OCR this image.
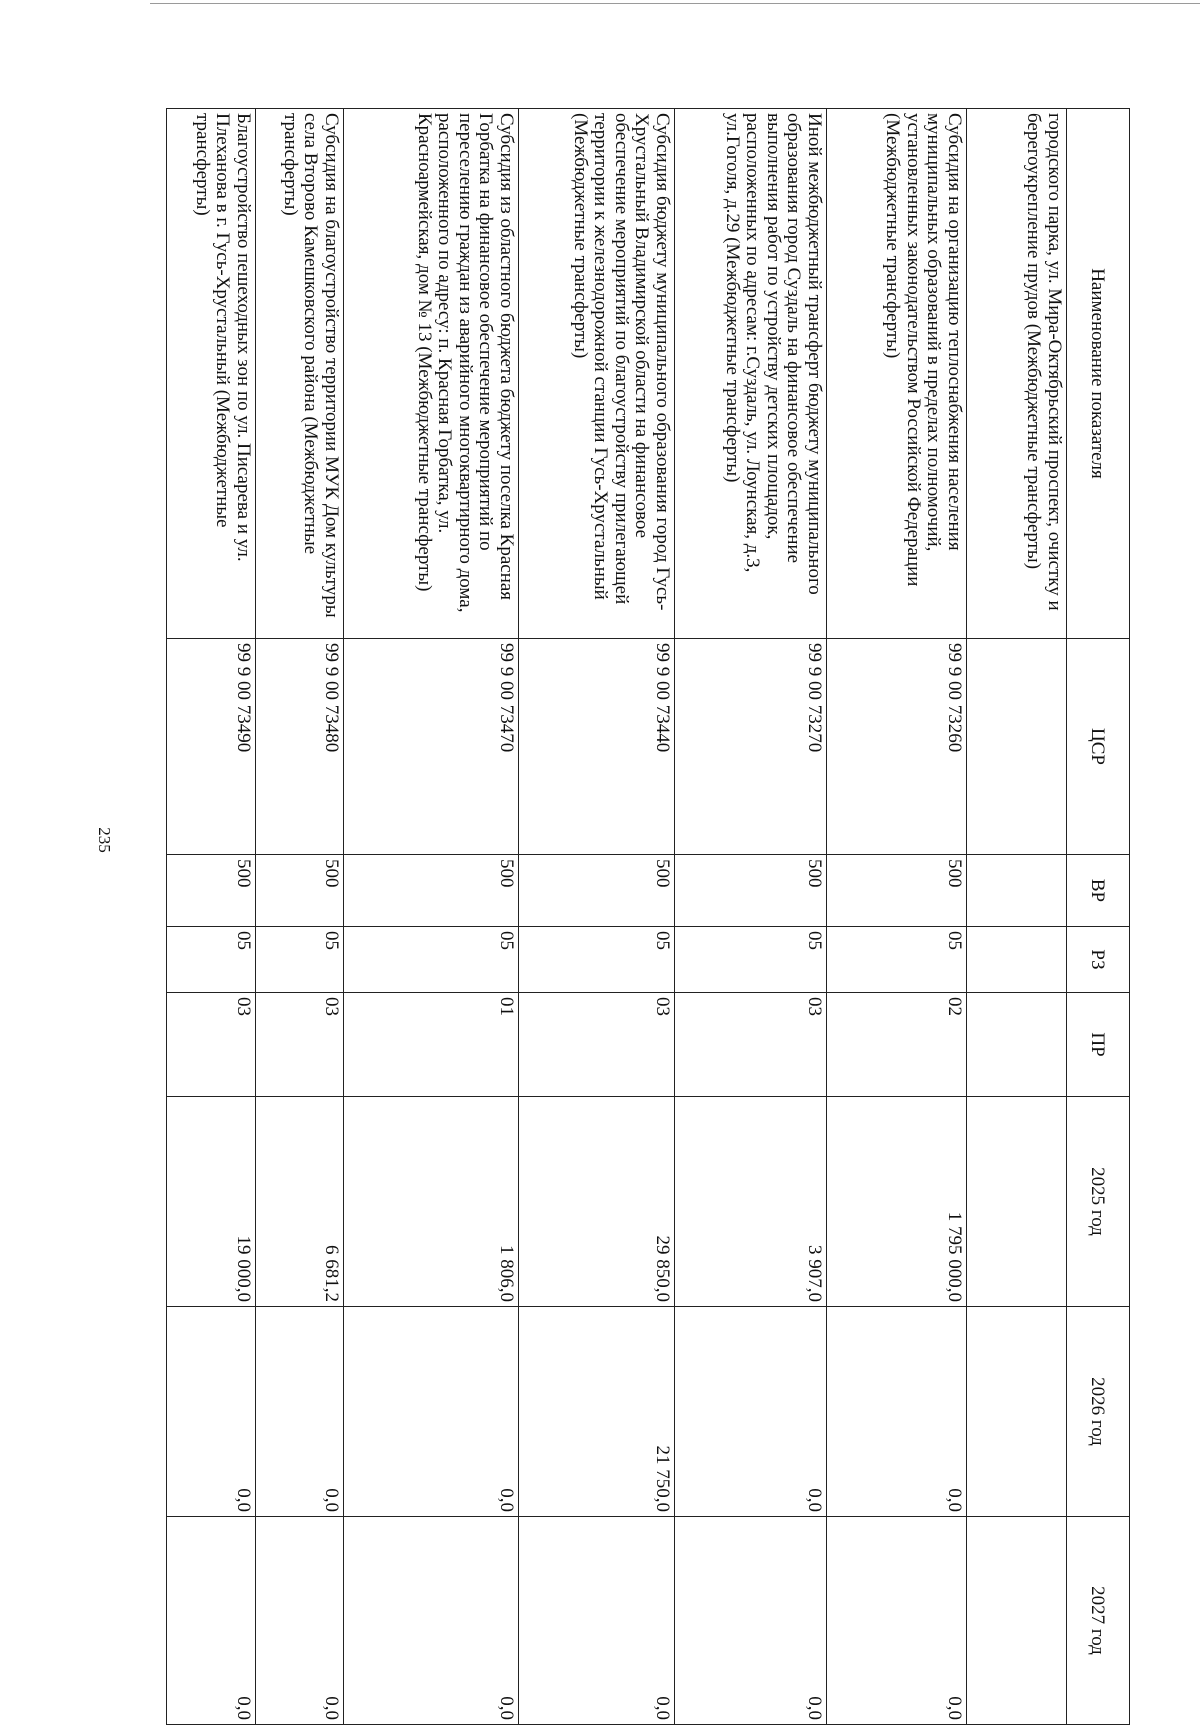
235
Наименование показателя	ЦСР	ВР	РЗ	ПР	2025 год	2026 год	2027 год
городского парка, ул. Мира-Октябрьский проспект, очистку и берегоукрепление прудов (Межбюджетные трансферты)							
Субсидия на организацию теплоснабжения населения муниципальных образований в пределах полномочий, установленных законодательством Российской Федерации (Межбюджетные трансферты)	99 9 00 73260	500	05	02	1 795 000,0	0,0	0,0
Иной межбюджетный трансферт бюджету муниципального образования город Суздаль на финансовое обеспечение выполнения работ по устройству детских площадок, расположенных по адресам: г.Суздаль, ул. Лоунская, д.3, ул.Гоголя, д.29 (Межбюджетные трансферты)	99 9 00 73270	500	05	03	3 907,0	0,0	0,0
Субсидия бюджету муниципального образования город Гусь-Хрустальный Владимирской области на финансовое обеспечение мероприятий по благоустройству прилегающей территории к железнодорожной станции Гусь-Хрустальный (Межбюджетные трансферты)	99 9 00 73440	500	05	03	29 850,0	21 750,0	0,0
Субсидия из областного бюджета бюджету поселка Красная Горбатка на финансовое обеспечение мероприятий по переселению граждан из аварийного многоквартирного дома, расположенного по адресу: п. Красная Горбатка, ул. Красноармейская, дом № 13 (Межбюджетные трансферты)	99 9 00 73470	500	05	01	1 806,0	0,0	0,0
Субсидия на благоустройство территории МУК Дом культуры села Второво Камешковского района (Межбюджетные трансферты)	99 9 00 73480	500	05	03	6 681,2	0,0	0,0
Благоустройство пешеходных зон по ул. Писарева и ул. Плеханова в г. Гусь-Хрустальный (Межбюджетные трансферты)	99 9 00 73490	500	05	03	19 000,0	0,0	0,0
